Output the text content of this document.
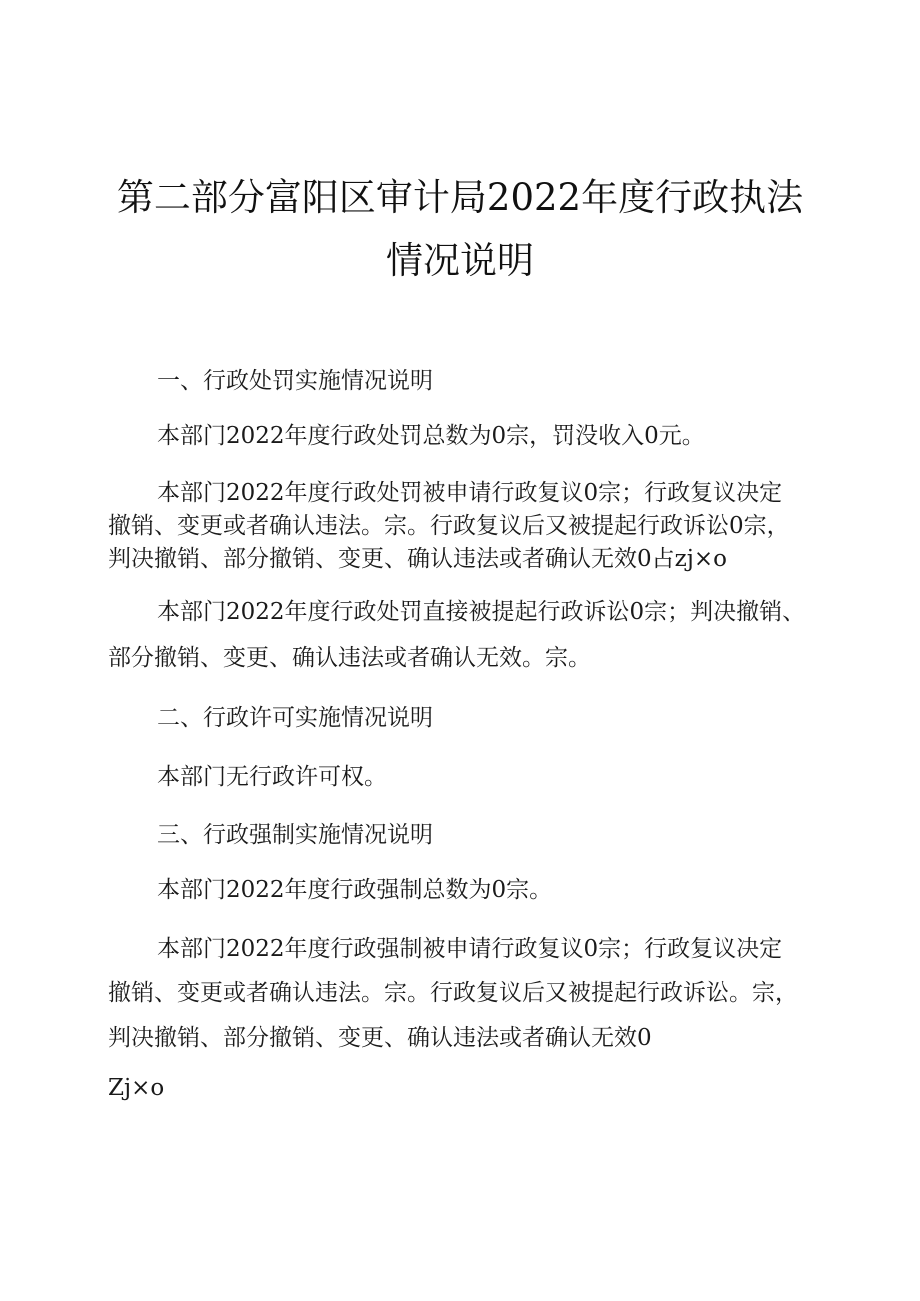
第二部分富阳区审计局2022年度行政执法
情况说明
一、行政处罚实施情况说明
本部门2022年度行政处罚总数为0宗，罚没收入0元。
本部门2022年度行政处罚被申请行政复议0宗；行政复议决定
撤销、变更或者确认违法。宗。行政复议后又被提起行政诉讼0宗，
判决撤销、部分撤销、变更、确认违法或者确认无效0占zj×o
本部门2022年度行政处罚直接被提起行政诉讼0宗；判决撤销、
部分撤销、变更、确认违法或者确认无效。宗。
二、行政许可实施情况说明
本部门无行政许可权。
三、行政强制实施情况说明
本部门2022年度行政强制总数为0宗。
本部门2022年度行政强制被申请行政复议0宗；行政复议决定
撤销、变更或者确认违法。宗。行政复议后又被提起行政诉讼。宗，
判决撤销、部分撤销、变更、确认违法或者确认无效0
Zj×o
